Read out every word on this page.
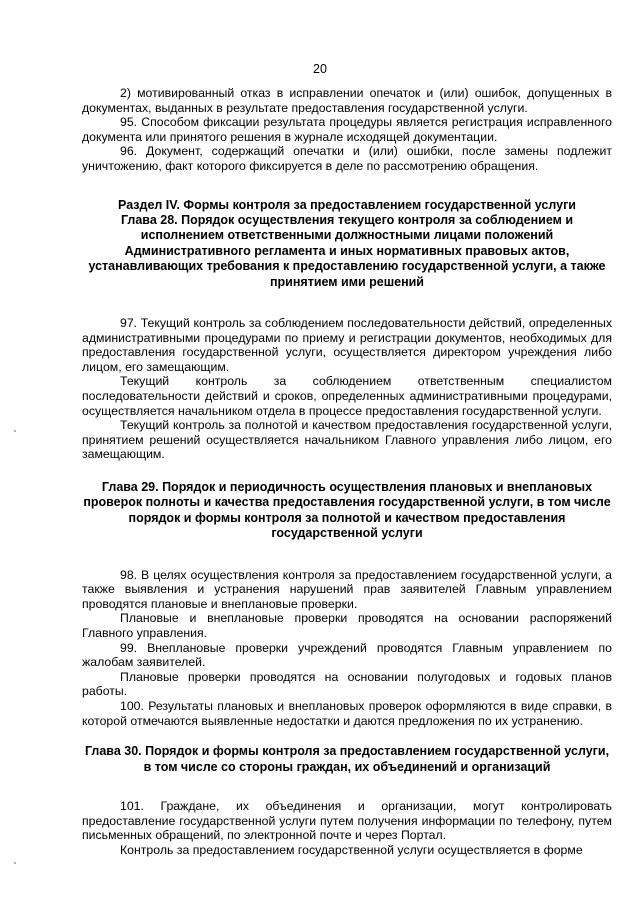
20

2) мотивированный отказ в исправлении опечаток и (или) ошибок, допущенных в документах, выданных в результате предоставления государственной услуги.

95. Способом фиксации результата процедуры является регистрация исправленного документа или принятого решения в журнале исходящей документации.

96. Документ, содержащий опечатки и (или) ошибки, после замены подлежит уничтожению, факт которого фиксируется в деле по рассмотрению обращения.

Раздел IV. Формы контроля за предоставлением государственной услуги

Глава 28. Порядок осуществления текущего контроля за соблюдением и исполнением ответственными должностными лицами положений Административного регламента и иных нормативных правовых актов, устанавливающих требования к предоставлению государственной услуги, а также принятием ими решений

97. Текущий контроль за соблюдением последовательности действий, определенных административными процедурами по приему и регистрации документов, необходимых для предоставления государственной услуги, осуществляется директором учреждения либо лицом, его замещающим.

Текущий контроль за соблюдением ответственным специалистом последовательности действий и сроков, определенных административными процедурами, осуществляется начальником отдела в процессе предоставления государственной услуги.

Текущий контроль за полнотой и качеством предоставления государственной услуги, принятием решений осуществляется начальником Главного управления либо лицом, его замещающим.

Глава 29. Порядок и периодичность осуществления плановых и внеплановых проверок полноты и качества предоставления государственной услуги, в том числе порядок и формы контроля за полнотой и качеством предоставления государственной услуги

98. В целях осуществления контроля за предоставлением государственной услуги, а также выявления и устранения нарушений прав заявителей Главным управлением проводятся плановые и внеплановые проверки.

Плановые и внеплановые проверки проводятся на основании распоряжений Главного управления.

99. Внеплановые проверки учреждений проводятся Главным управлением по жалобам заявителей.

Плановые проверки проводятся на основании полугодовых и годовых планов работы.

100. Результаты плановых и внеплановых проверок оформляются в виде справки, в которой отмечаются выявленные недостатки и даются предложения по их устранению.

Глава 30. Порядок и формы контроля за предоставлением государственной услуги, в том числе со стороны граждан, их объединений и организаций

101. Граждане, их объединения и организации, могут контролировать предоставление государственной услуги путем получения информации по телефону, путем письменных обращений, по электронной почте и через Портал.

Контроль за предоставлением государственной услуги осуществляется в форме
